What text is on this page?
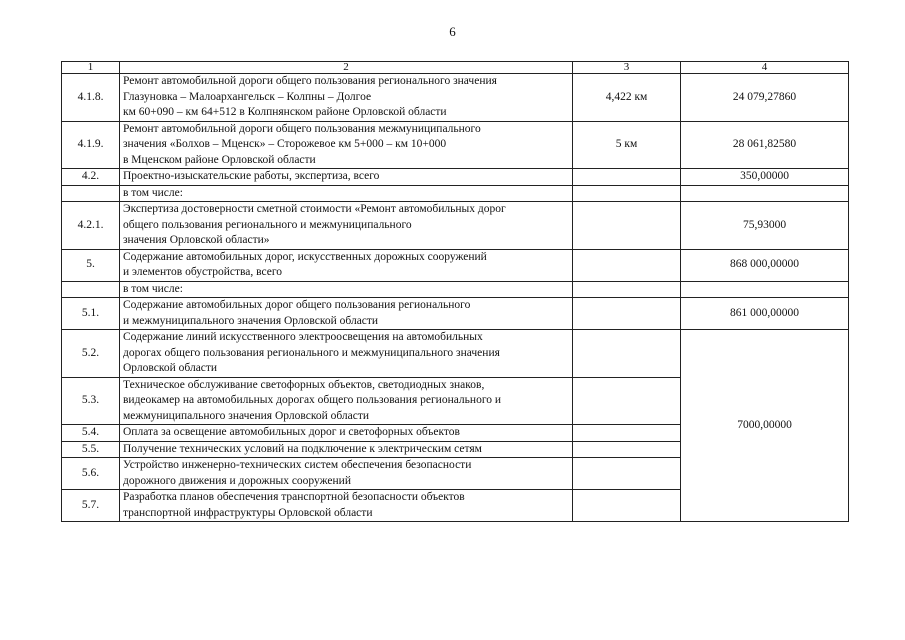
6
1	2	3	4
4.1.8.	Ремонт автомобильной дороги общего пользования регионального значения
Глазуновка – Малоархангельск – Колпны – Долгое
км 60+090 – км 64+512 в Колпнянском районе Орловской области	4,422 км	24 079,27860
4.1.9.	Ремонт автомобильной дороги общего пользования межмуниципального
значения «Болхов – Мценск» – Сторожевое км 5+000 – км 10+000
в Мценском районе Орловской области	5 км	28 061,82580
4.2.	Проектно-изыскательские работы, экспертиза, всего		350,00000

	в том числе:		

4.2.1.	Экспертиза достоверности сметной стоимости «Ремонт автомобильных дорог
общего пользования регионального и межмуниципального
значения Орловской области»		75,93000
5.	Содержание автомобильных дорог, искусственных дорожных сооружений
и элементов обустройства, всего		868 000,00000

	в том числе:		

5.1.	Содержание автомобильных дорог общего пользования регионального
и межмуниципального значения Орловской области		861 000,00000
5.2.	Содержание линий искусственного электроосвещения на автомобильных
дорогах общего пользования регионального и межмуниципального значения
Орловской области		7000,00000
5.3.	Техническое обслуживание светофорных объектов, светодиодных знаков,
видеокамер на автомобильных дорогах общего пользования регионального и
межмуниципального значения Орловской области		

5.4.	Оплата за освещение автомобильных дорог и светофорных объектов		

5.5.	Получение технических условий на подключение к электрическим сетям		

5.6.	Устройство инженерно-технических систем обеспечения безопасности
дорожного движения и дорожных сооружений		

5.7.	Разработка планов обеспечения транспортной безопасности объектов
транспортной инфраструктуры Орловской области		
